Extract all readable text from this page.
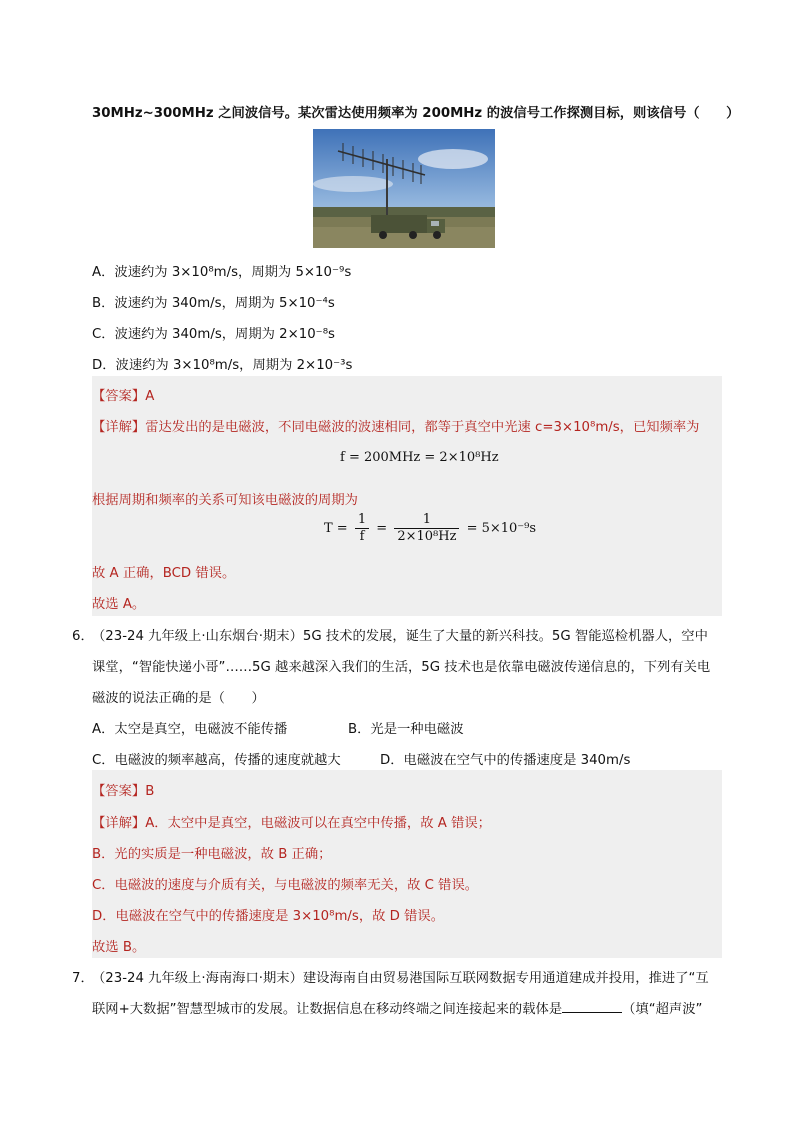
30MHz~300MHz 之间波信号。某次雷达使用频率为 200MHz 的波信号工作探测目标，则该信号（　　）
A．波速约为 3×10⁸m/s，周期为 5×10⁻⁹s
B．波速约为 340m/s，周期为 5×10⁻⁴s
C．波速约为 340m/s，周期为 2×10⁻⁸s
D．波速约为 3×10⁸m/s，周期为 2×10⁻³s
【答案】A
【详解】雷达发出的是电磁波，不同电磁波的波速相同，都等于真空中光速 c=3×10⁸m/s，已知频率为
f = 200MHz = 2×10⁸Hz
根据周期和频率的关系可知该电磁波的周期为
$T = \frac{1}{f} = \frac{1}{\text{2×10⁸Hz}} = 5\times 10^{-9}s$
故 A 正确，BCD 错误。
故选 A。
6．
（23-24 九年级上·山东烟台·期末）5G 技术的发展，诞生了大量的新兴科技。5G 智能巡检机器人，空中
课堂，“智能快递小哥”……5G 越来越深入我们的生活，5G 技术也是依靠电磁波传递信息的，下列有关电
磁波的说法正确的是（　　）
A．太空是真空，电磁波不能传播	B．光是一种电磁波
C．电磁波的频率越高，传播的速度就越大	D．电磁波在空气中的传播速度是 340m/s
【答案】B
【详解】A．太空中是真空，电磁波可以在真空中传播，故 A 错误；
B．光的实质是一种电磁波，故 B 正确；
C．电磁波的速度与介质有关，与电磁波的频率无关，故 C 错误。
D．电磁波在空气中的传播速度是 3×10⁸m/s，故 D 错误。
故选 B。
7．
（23-24 九年级上·海南海口·期末）建设海南自由贸易港国际互联网数据专用通道建成并投用，推进了“互
联网+大数据”智慧型城市的发展。让数据信息在移动终端之间连接起来的载体是	（填“超声波”
